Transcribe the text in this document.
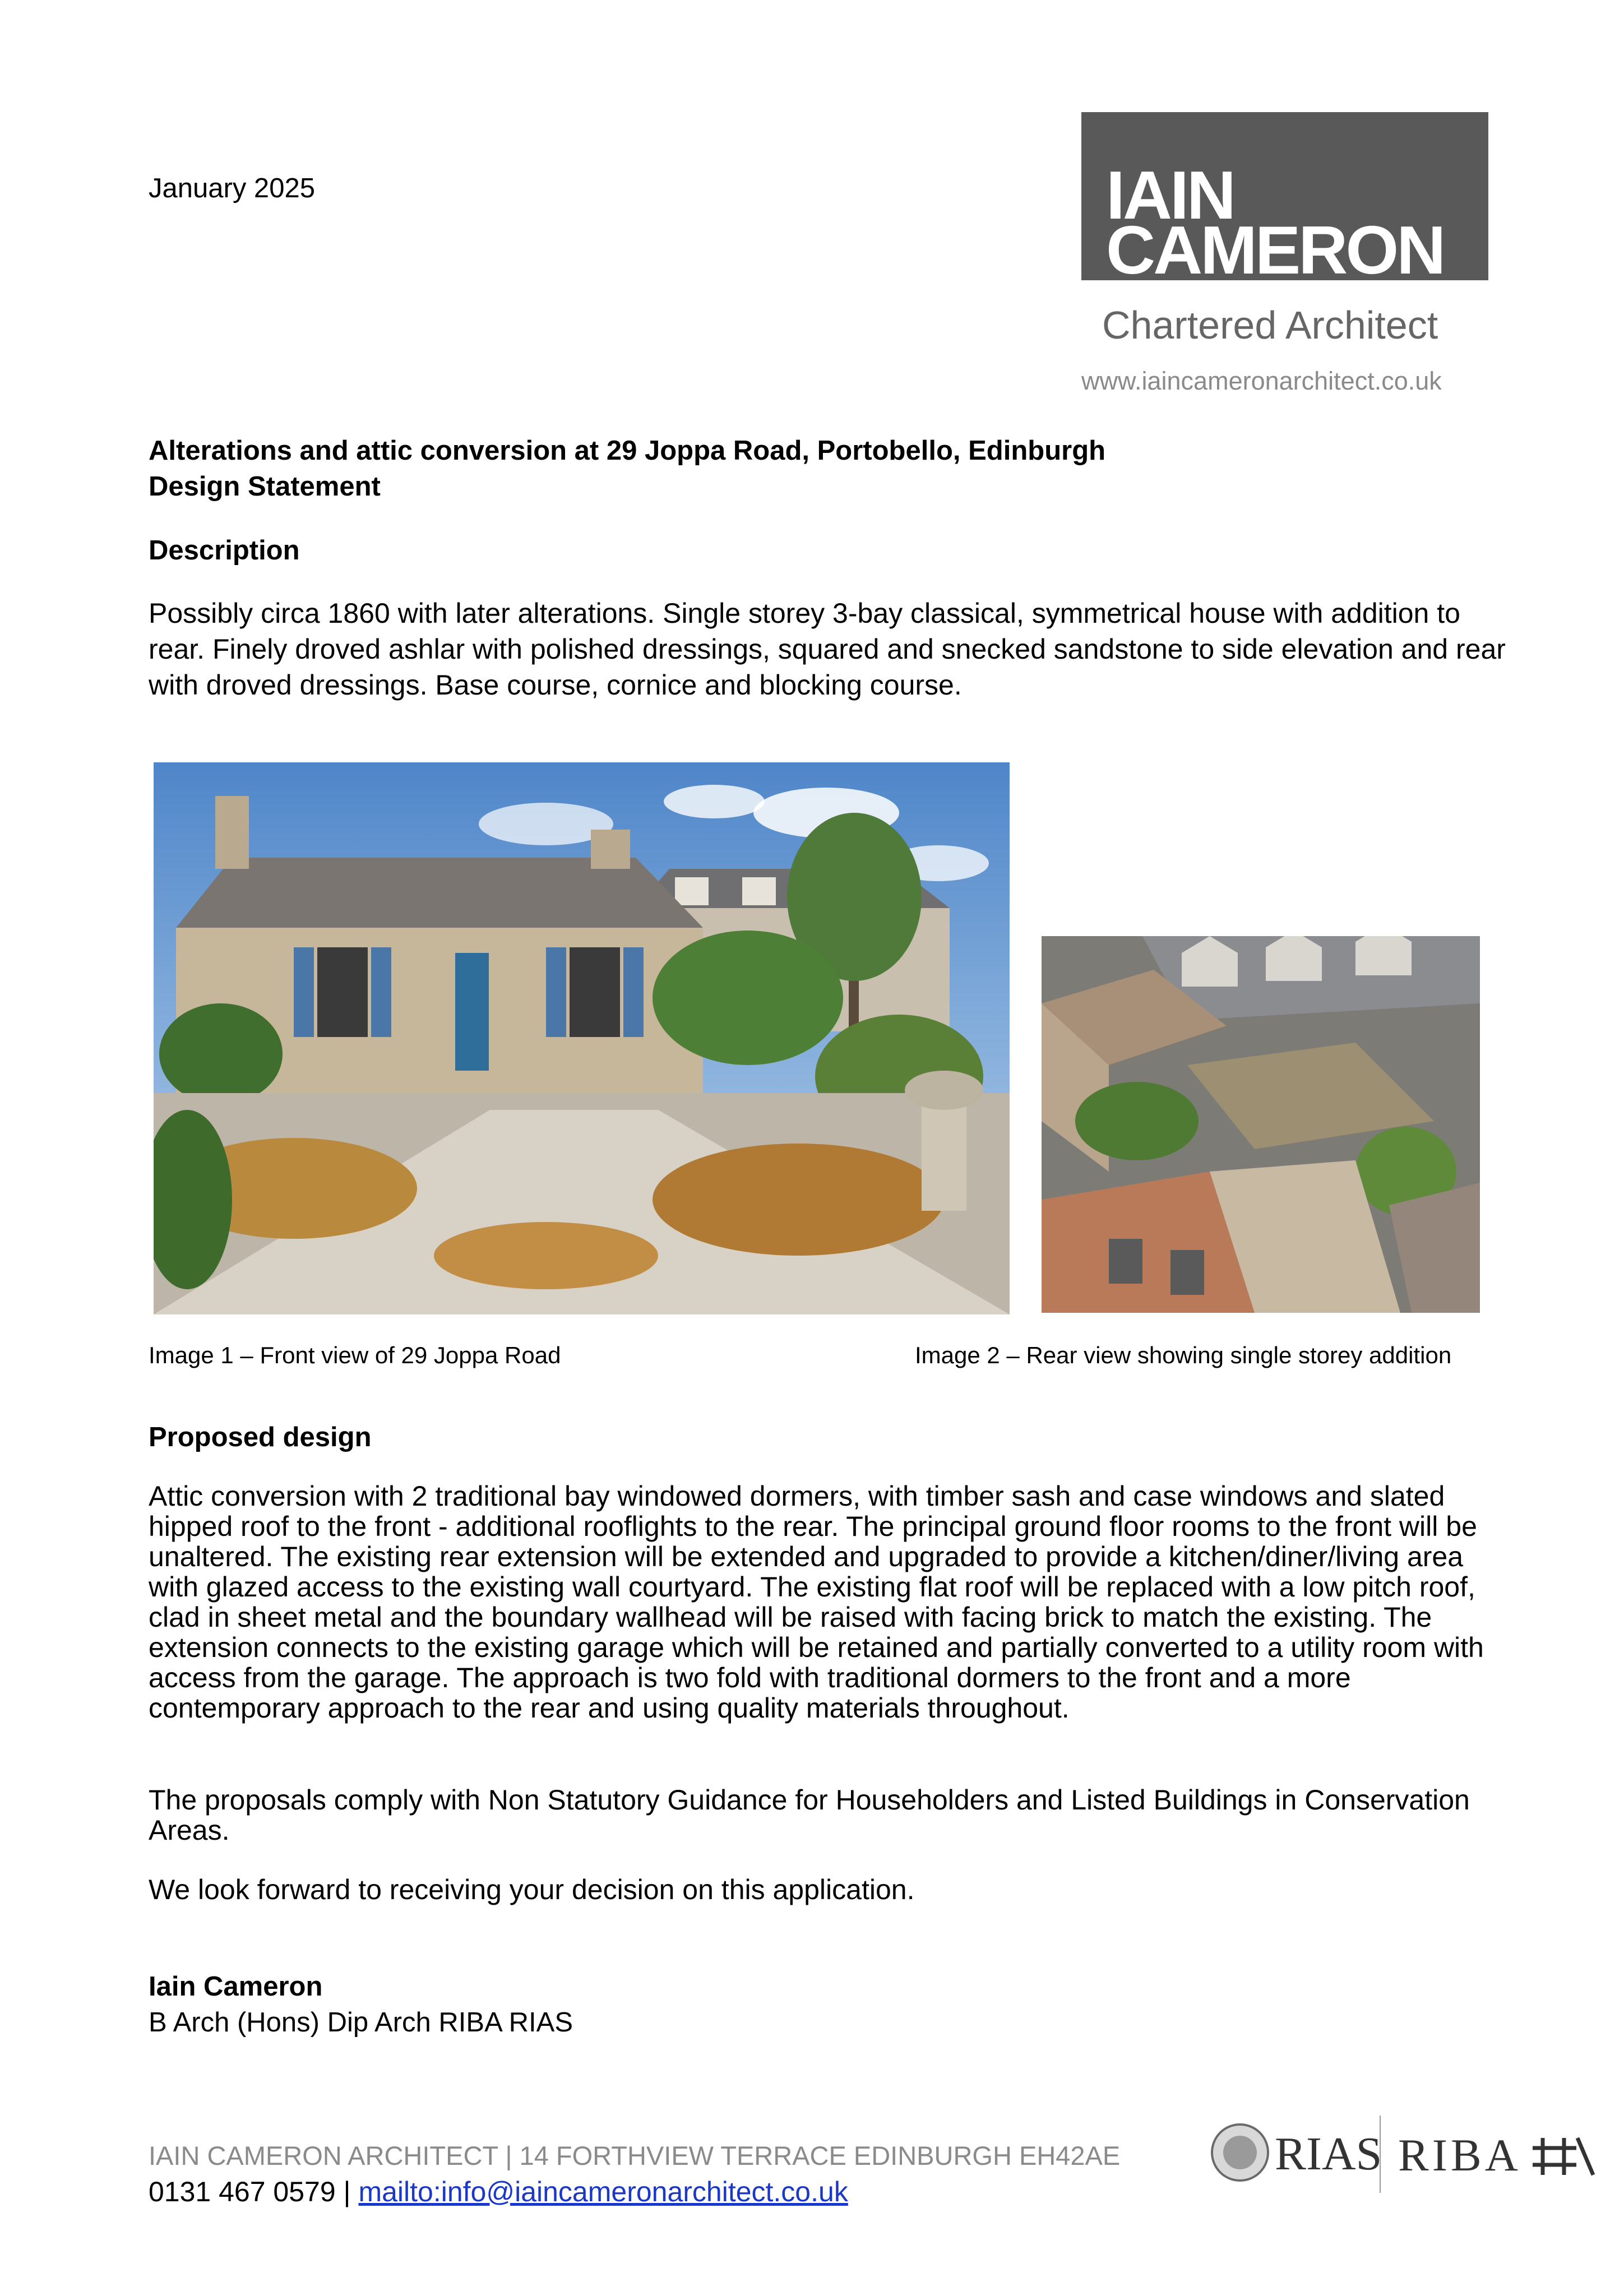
January 2025	IAIN
CAMERON
Chartered Architect
www.iaincameronarchitect.co.uk
Alterations and attic conversion at 29 Joppa Road, Portobello, Edinburgh
Design Statement
Description
Possibly circa 1860 with later alterations. Single storey 3-bay classical, symmetrical house with addition to rear. Finely droved ashlar with polished dressings, squared and snecked sandstone to side elevation and rear with droved dressings. Base course, cornice and blocking course.
Image 1 – Front view of 29 Joppa Road	Image 2 – Rear view showing single storey addition
Proposed design
Attic conversion with 2 traditional bay windowed dormers, with timber sash and case windows and slated hipped roof to the front - additional rooflights to the rear. The principal ground floor rooms to the front will be unaltered. The existing rear extension will be extended and upgraded to provide a kitchen/diner/living area with glazed access to the existing wall courtyard. The existing flat roof will be replaced with a low pitch roof, clad in sheet metal and the boundary wallhead will be raised with facing brick to match the existing. The extension connects to the existing garage which will be retained and partially converted to a utility room with access from the garage. The approach is two fold with traditional dormers to the front and a more contemporary approach to the rear and using quality materials throughout.
The proposals comply with Non Statutory Guidance for Householders and Listed Buildings in Conservation Areas.
We look forward to receiving your decision on this application.
Iain Cameron
B Arch (Hons) Dip Arch RIBA RIAS
IAIN CAMERON ARCHITECT | 14 FORTHVIEW TERRACE EDINBURGH EH42AE
0131 467 0579 | mailto:info@iaincameronarchitect.co.uk
RIAS RIBA
